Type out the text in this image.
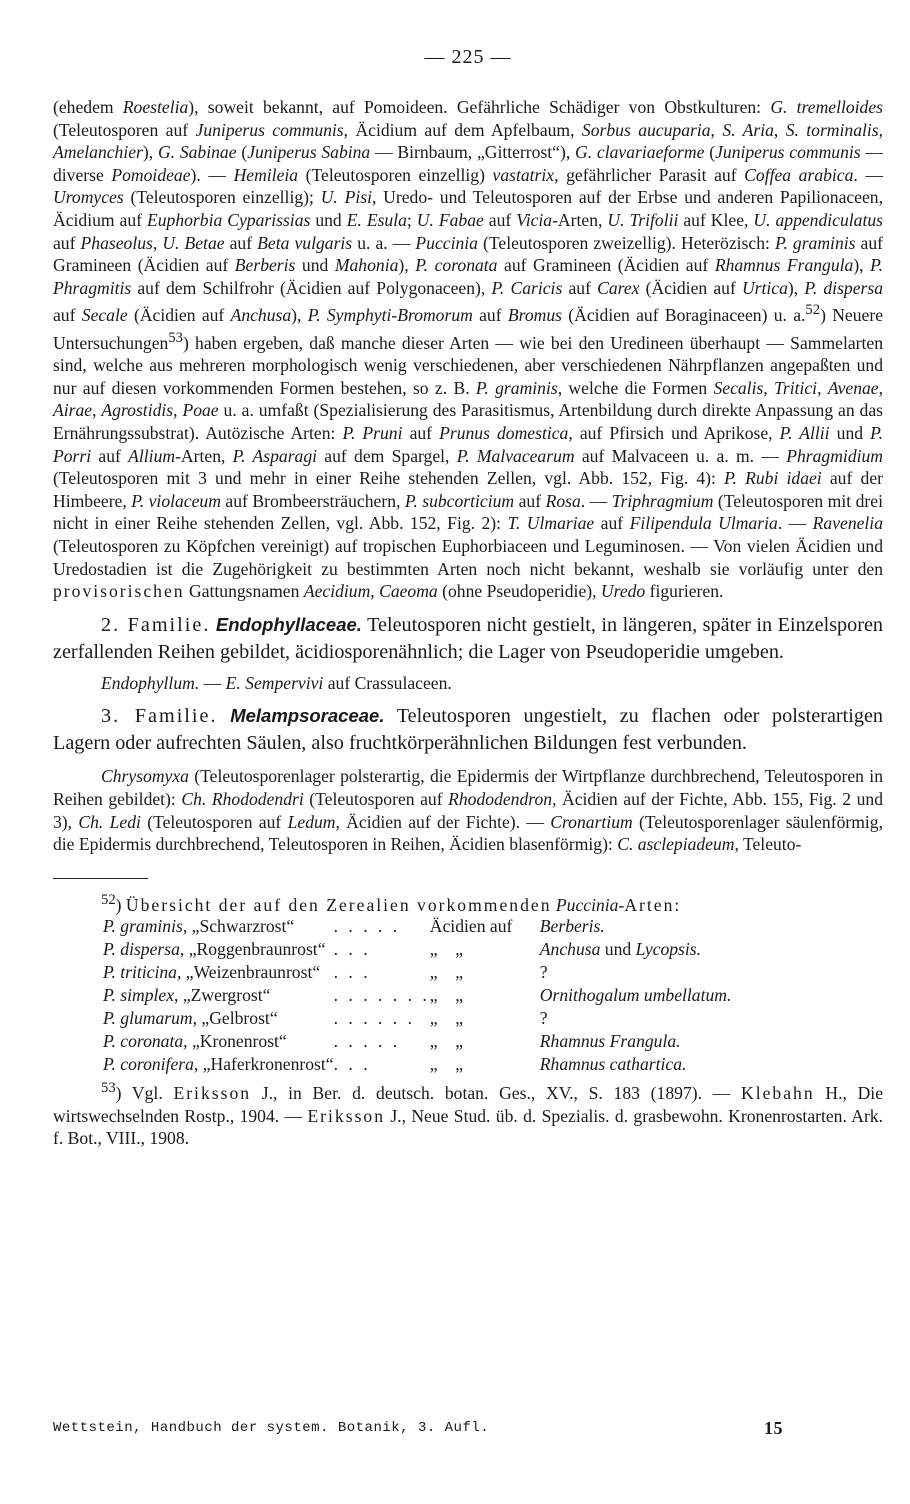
— 225 —

(ehedem Roestelia), soweit bekannt, auf Pomoideen. Gefährliche Schädiger von Obstkulturen: G. tremelloides (Teleutosporen auf Juniperus communis, Äcidium auf dem Apfelbaum, Sorbus aucuparia, S. Aria, S. torminalis, Amelanchier), G. Sabinae (Juniperus Sabina — Birnbaum, „Gitterrost“), G. clavariaeforme (Juniperus communis — diverse Pomoideae). — Hemileia (Teleutosporen einzellig) vastatrix, gefährlicher Parasit auf Coffea arabica. — Uromyces (Teleutosporen einzellig); U. Pisi, Uredo- und Teleutosporen auf der Erbse und anderen Papilionaceen, Äcidium auf Euphorbia Cyparissias und E. Esula; U. Fabae auf Vicia-Arten, U. Trifolii auf Klee, U. appendiculatus auf Phaseolus, U. Betae auf Beta vulgaris u. a. — Puccinia (Teleutosporen zweizellig). Heterözisch: P. graminis auf Gramineen (Äcidien auf Berberis und Mahonia), P. coronata auf Gramineen (Äcidien auf Rhamnus Frangula), P. Phragmitis auf dem Schilfrohr (Äcidien auf Polygonaceen), P. Caricis auf Carex (Äcidien auf Urtica), P. dispersa auf Secale (Äcidien auf Anchusa), P. Symphyti-Bromorum auf Bromus (Äcidien auf Boraginaceen) u. a.$^{52}$) Neuere Untersuchungen$^{53}$) haben ergeben, daß manche dieser Arten — wie bei den Uredineen überhaupt — Sammelarten sind, welche aus mehreren morphologisch wenig verschiedenen, aber verschiedenen Nährpflanzen angepaßten und nur auf diesen vorkommenden Formen bestehen, so z. B. P. graminis, welche die Formen Secalis, Tritici, Avenae, Airae, Agrostidis, Poae u. a. umfaßt (Spezialisierung des Parasitismus, Artenbildung durch direkte Anpassung an das Ernährungssubstrat). Autözische Arten: P. Pruni auf Prunus domestica, auf Pfirsich und Aprikose, P. Allii und P. Porri auf Allium-Arten, P. Asparagi auf dem Spargel, P. Malvacearum auf Malvaceen u. a. m. — Phragmidium (Teleutosporen mit 3 und mehr in einer Reihe stehenden Zellen, vgl. Abb. 152, Fig. 4): P. Rubi idaei auf der Himbeere, P. violaceum auf Brombeersträuchern, P. subcorticium auf Rosa. — Triphragmium (Teleutosporen mit drei nicht in einer Reihe stehenden Zellen, vgl. Abb. 152, Fig. 2): T. Ulmariae auf Filipendula Ulmaria. — Ravenelia (Teleutosporen zu Köpfchen vereinigt) auf tropischen Euphorbiaceen und Leguminosen. — Von vielen Äcidien und Uredostadien ist die Zugehörigkeit zu bestimmten Arten noch nicht bekannt, weshalb sie vorläufig unter den provisorischen Gattungsnamen Aecidium, Caeoma (ohne Pseudoperidie), Uredo figurieren.

2. Familie. Endophyllaceae. Teleutosporen nicht gestielt, in längeren, später in Einzelsporen zerfallenden Reihen gebildet, äcidiosporenähnlich; die Lager von Pseudoperidie umgeben.

Endophyllum. — E. Sempervivi auf Crassulaceen.

3. Familie. Melampsoraceae. Teleutosporen ungestielt, zu flachen oder polsterartigen Lagern oder aufrechten Säulen, also fruchtkörperähnlichen Bildungen fest verbunden.

Chrysomyxa (Teleutosporenlager polsterartig, die Epidermis der Wirtpflanze durchbrechend, Teleutosporen in Reihen gebildet): Ch. Rhododendri (Teleutosporen auf Rhododendron, Äcidien auf der Fichte, Abb. 155, Fig. 2 und 3), Ch. Ledi (Teleutosporen auf Ledum, Äcidien auf der Fichte). — Cronartium (Teleutosporenlager säulenförmig, die Epidermis durchbrechend, Teleutosporen in Reihen, Äcidien blasenförmig): C. asclepiadeum, Teleuto-

$^{52}$) Übersicht der auf den Zerealien vorkommenden Puccinia-Arten:

P. graminis, „Schwarzrost“	. . . . .	Äcidien auf	Berberis.
P. dispersa, „Roggenbraunrost“	. . .	„    „	Anchusa und Lycopsis.
P. triticina, „Weizenbraunrost“	. . .	„    „	?
P. simplex, „Zwergrost“	. . . . . . .	„    „	Ornithogalum umbellatum.
P. glumarum, „Gelbrost“	. . . . . .	„    „	?
P. coronata, „Kronenrost“	. . . . .	„    „	Rhamnus Frangula.
P. coronifera, „Haferkronenrost“	. . .	„    „	Rhamnus cathartica.

$^{53}$) Vgl. Eriksson J., in Ber. d. deutsch. botan. Ges., XV., S. 183 (1897). — Klebahn H., Die wirtswechselnden Rostp., 1904. — Eriksson J., Neue Stud. üb. d. Spezialis. d. grasbewohn. Kronenrostarten. Ark. f. Bot., VIII., 1908.

Wettstein, Handbuch der system. Botanik, 3. Aufl.	15
